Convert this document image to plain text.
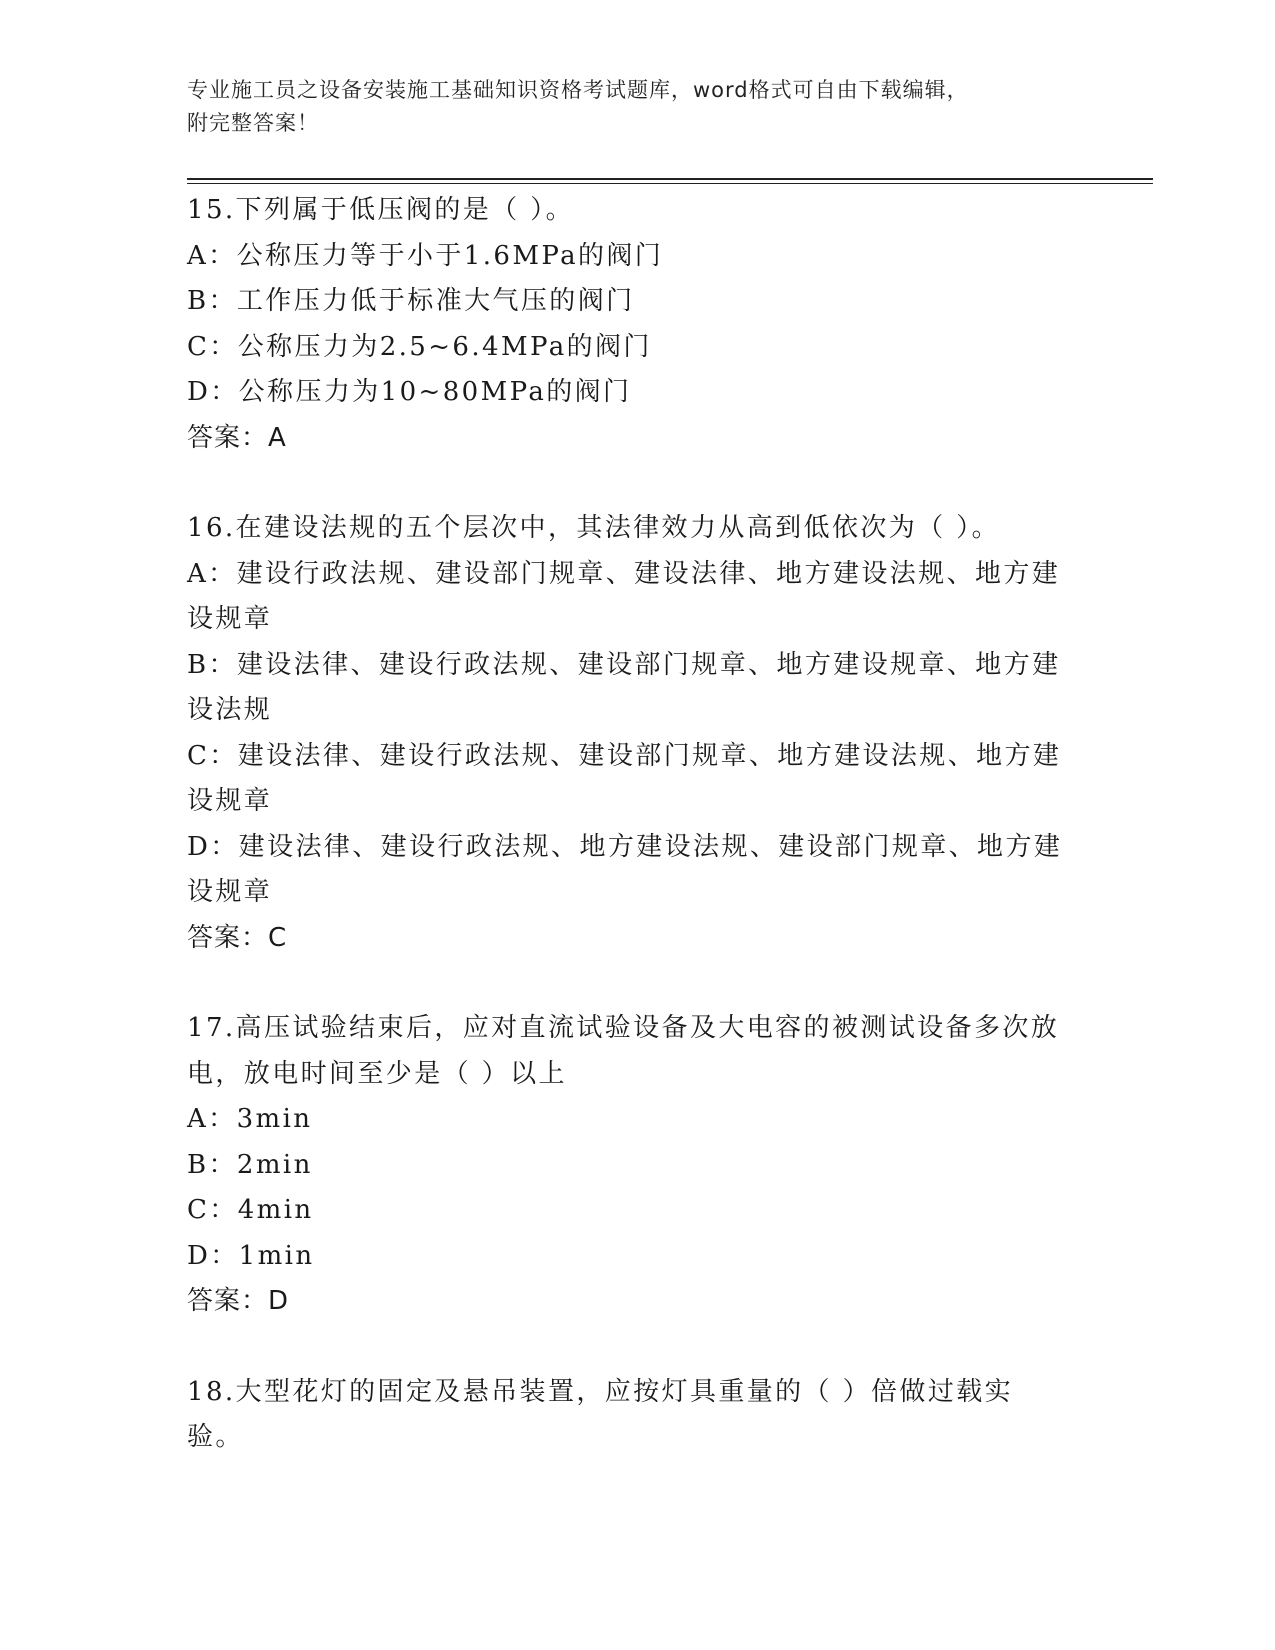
专业施工员之设备安装施工基础知识资格考试题库，word格式可自由下载编辑，
附完整答案！
15.下列属于低压阀的是（ ）。
A：公称压力等于小于1.6MPa的阀门
B：工作压力低于标准大气压的阀门
C：公称压力为2.5~6.4MPa的阀门
D：公称压力为10~80MPa的阀门
答案：A
16.在建设法规的五个层次中，其法律效力从高到低依次为（ ）。
A：建设行政法规、建设部门规章、建设法律、地方建设法规、地方建设规章
B：建设法律、建设行政法规、建设部门规章、地方建设规章、地方建设法规
C：建设法律、建设行政法规、建设部门规章、地方建设法规、地方建设规章
D：建设法律、建设行政法规、地方建设法规、建设部门规章、地方建设规章
答案：C
17.高压试验结束后，应对直流试验设备及大电容的被测试设备多次放电，放电时间至少是（ ）以上
A：3min
B：2min
C：4min
D：1min
答案：D
18.大型花灯的固定及悬吊装置，应按灯具重量的（ ）倍做过载实验。
